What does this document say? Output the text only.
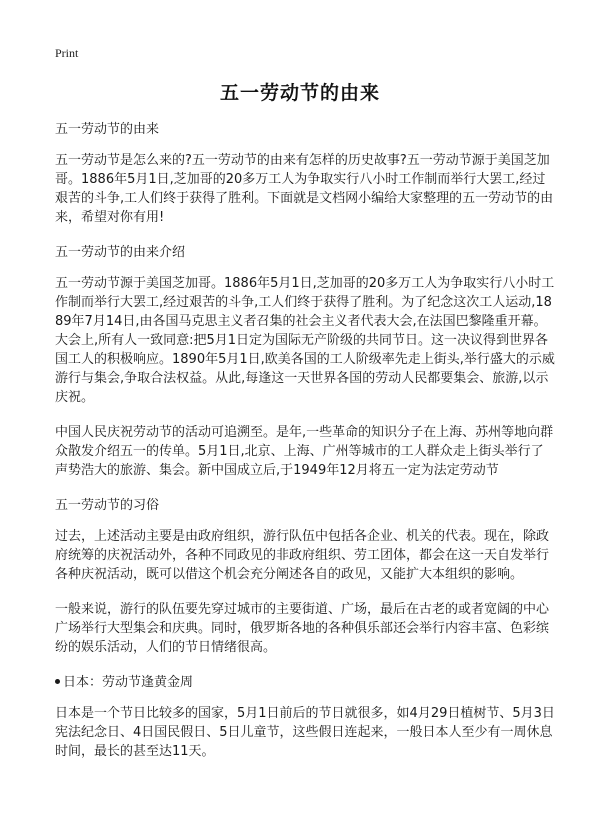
Print
五一劳动节的由来
五一劳动节的由来
五一劳动节是怎么来的?五一劳动节的由来有怎样的历史故事?五一劳动节源于美国芝加哥。1886年5月1日,芝加哥的20多万工人为争取实行八小时工作制而举行大罢工,经过艰苦的斗争,工人们终于获得了胜利。下面就是文档网小编给大家整理的五一劳动节的由来，希望对你有用!
五一劳动节的由来介绍
五一劳动节源于美国芝加哥。1886年5月1日,芝加哥的20多万工人为争取实行八小时工作制而举行大罢工,经过艰苦的斗争,工人们终于获得了胜利。为了纪念这次工人运动,1889年7月14日,由各国马克思主义者召集的社会主义者代表大会,在法国巴黎隆重开幕。大会上,所有人一致同意:把5月1日定为国际无产阶级的共同节日。这一决议得到世界各国工人的积极响应。1890年5月1日,欧美各国的工人阶级率先走上街头,举行盛大的示威游行与集会,争取合法权益。从此,每逢这一天世界各国的劳动人民都要集会、旅游,以示庆祝。
中国人民庆祝劳动节的活动可追溯至。是年,一些革命的知识分子在上海、苏州等地向群众散发介绍五一的传单。5月1日,北京、上海、广州等城市的工人群众走上街头举行了声势浩大的旅游、集会。新中国成立后,于1949年12月将五一定为法定劳动节
五一劳动节的习俗
过去，上述活动主要是由政府组织，游行队伍中包括各企业、机关的代表。现在，除政府统筹的庆祝活动外，各种不同政见的非政府组织、劳工团体，都会在这一天自发举行各种庆祝活动，既可以借这个机会充分阐述各自的政见，又能扩大本组织的影响。
一般来说，游行的队伍要先穿过城市的主要街道、广场，最后在古老的或者宽阔的中心广场举行大型集会和庆典。同时，俄罗斯各地的各种俱乐部还会举行内容丰富、色彩缤纷的娱乐活动，人们的节日情绪很高。
日本：劳动节逢黄金周
日本是一个节日比较多的国家，5月1日前后的节日就很多，如4月29日植树节、5月3日宪法纪念日、4日国民假日、5日儿童节，这些假日连起来，一般日本人至少有一周休息时间，最长的甚至达11天。
